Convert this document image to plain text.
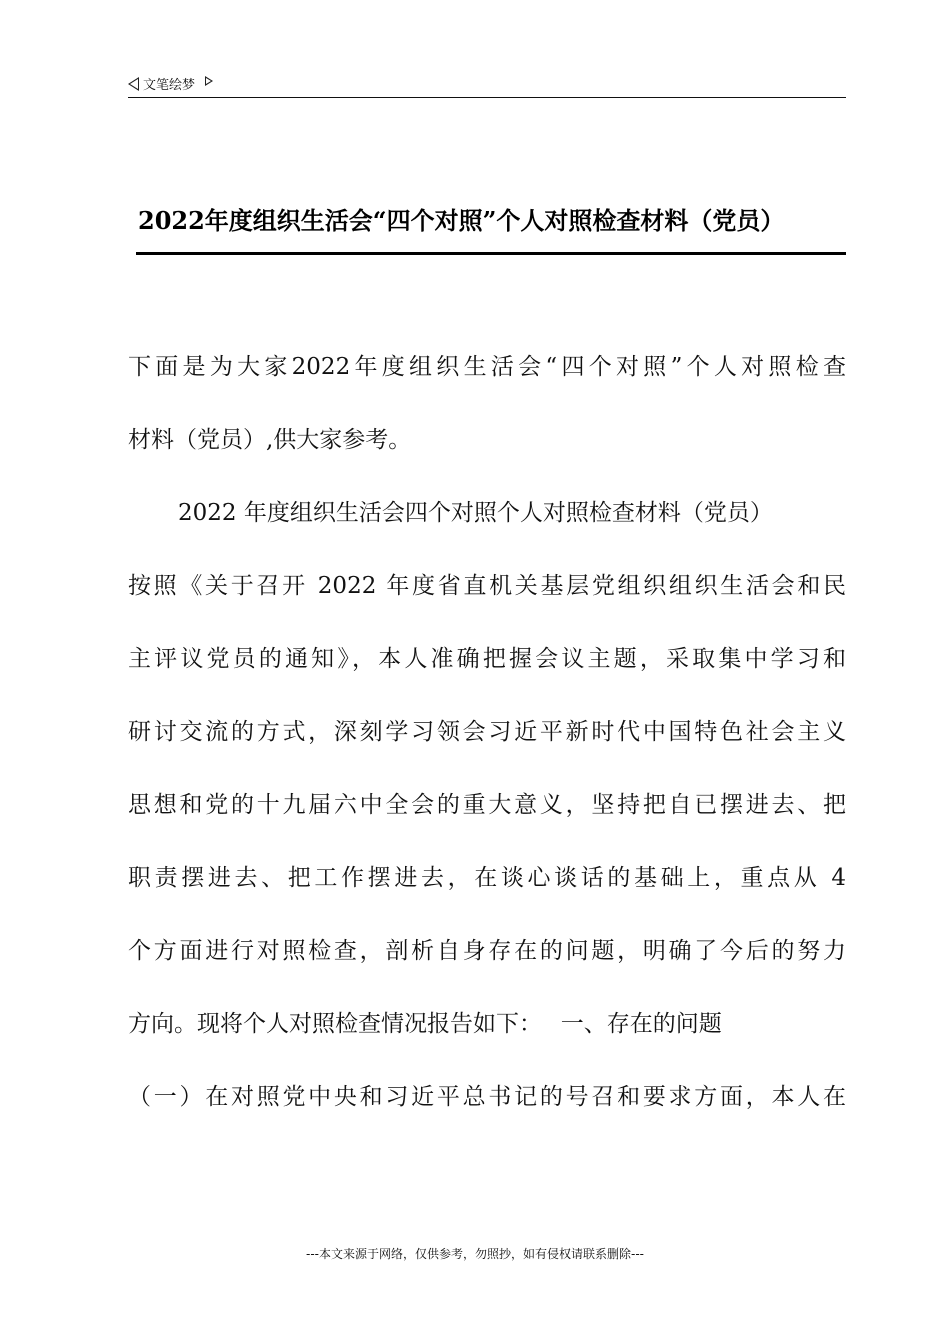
文笔绘梦
2022年度组织生活会“四个对照”个人对照检查材料（党员）
下面是为大家2022年度组织生活会“四个对照”个人对照检查
材料（党员）,供大家参考。
2022 年度组织生活会四个对照个人对照检查材料（党员）
按照《关于召开 2022 年度省直机关基层党组织组织生活会和民
主评议党员的通知》，本人准确把握会议主题，采取集中学习和
研讨交流的方式，深刻学习领会习近平新时代中国特色社会主义
思想和党的十九届六中全会的重大意义，坚持把自已摆进去、把
职责摆进去、把工作摆进去，在谈心谈话的基础上，重点从 4
个方面进行对照检查，剖析自身存在的问题，明确了今后的努力
方向。现将个人对照检查情况报告如下：　 一、存在的问题
（一）在对照党中央和习近平总书记的号召和要求方面，本人在
---本文来源于网络，仅供参考，勿照抄，如有侵权请联系删除---
